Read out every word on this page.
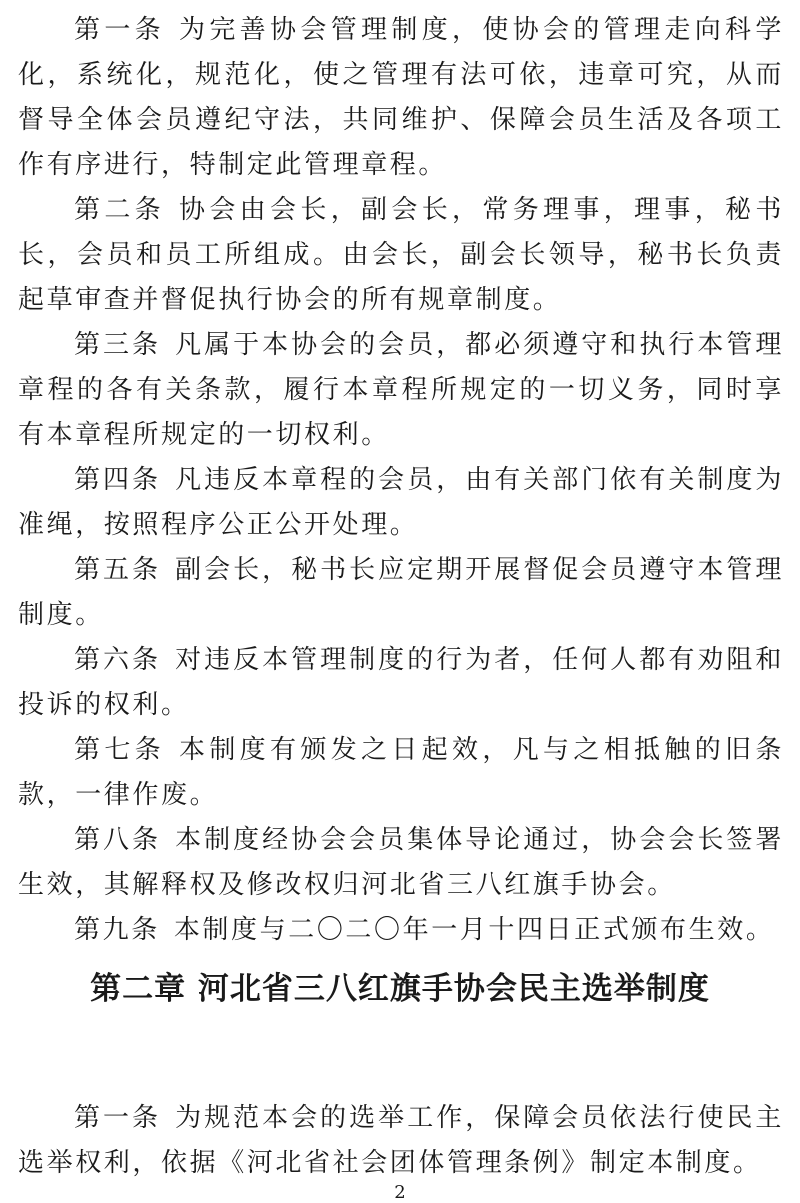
第一条 为完善协会管理制度，使协会的管理走向科学化，系统化，规范化，使之管理有法可依，违章可究，从而督导全体会员遵纪守法，共同维护、保障会员生活及各项工作有序进行，特制定此管理章程。

第二条 协会由会长，副会长，常务理事，理事，秘书长，会员和员工所组成。由会长，副会长领导，秘书长负责起草审查并督促执行协会的所有规章制度。

第三条 凡属于本协会的会员，都必须遵守和执行本管理章程的各有关条款，履行本章程所规定的一切义务，同时享有本章程所规定的一切权利。

第四条 凡违反本章程的会员，由有关部门依有关制度为准绳，按照程序公正公开处理。

第五条 副会长，秘书长应定期开展督促会员遵守本管理制度。

第六条 对违反本管理制度的行为者，任何人都有劝阻和投诉的权利。

第七条 本制度有颁发之日起效，凡与之相抵触的旧条款，一律作废。

第八条 本制度经协会会员集体导论通过，协会会长签署生效，其解释权及修改权归河北省三八红旗手协会。

第九条 本制度与二〇二〇年一月十四日正式颁布生效。

第二章 河北省三八红旗手协会民主选举制度

第一条 为规范本会的选举工作，保障会员依法行使民主选举权利，依据《河北省社会团体管理条例》制定本制度。

2
